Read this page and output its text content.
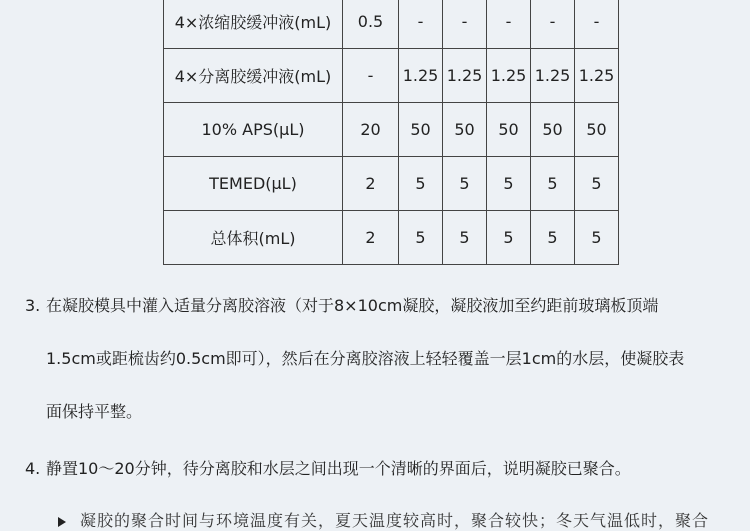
4×浓缩胶缓冲液(mL)	0.5	-	-	-	-	-
4×分离胶缓冲液(mL)	-	1.25	1.25	1.25	1.25	1.25
10% APS(μL)	20	50	50	50	50	50
TEMED(μL)	2	5	5	5	5	5
总体积(mL)	2	5	5	5	5	5
3. 在凝胶模具中灌入适量分离胶溶液（对于8×10cm凝胶，凝胶液加至约距前玻璃板顶端
1.5cm或距梳齿约0.5cm即可），然后在分离胶溶液上轻轻覆盖一层1cm的水层，使凝胶表
面保持平整。
4. 静置10～20分钟，待分离胶和水层之间出现一个清晰的界面后，说明凝胶已聚合。
凝胶的聚合时间与环境温度有关，夏天温度较高时，聚合较快；冬天气温低时，聚合
